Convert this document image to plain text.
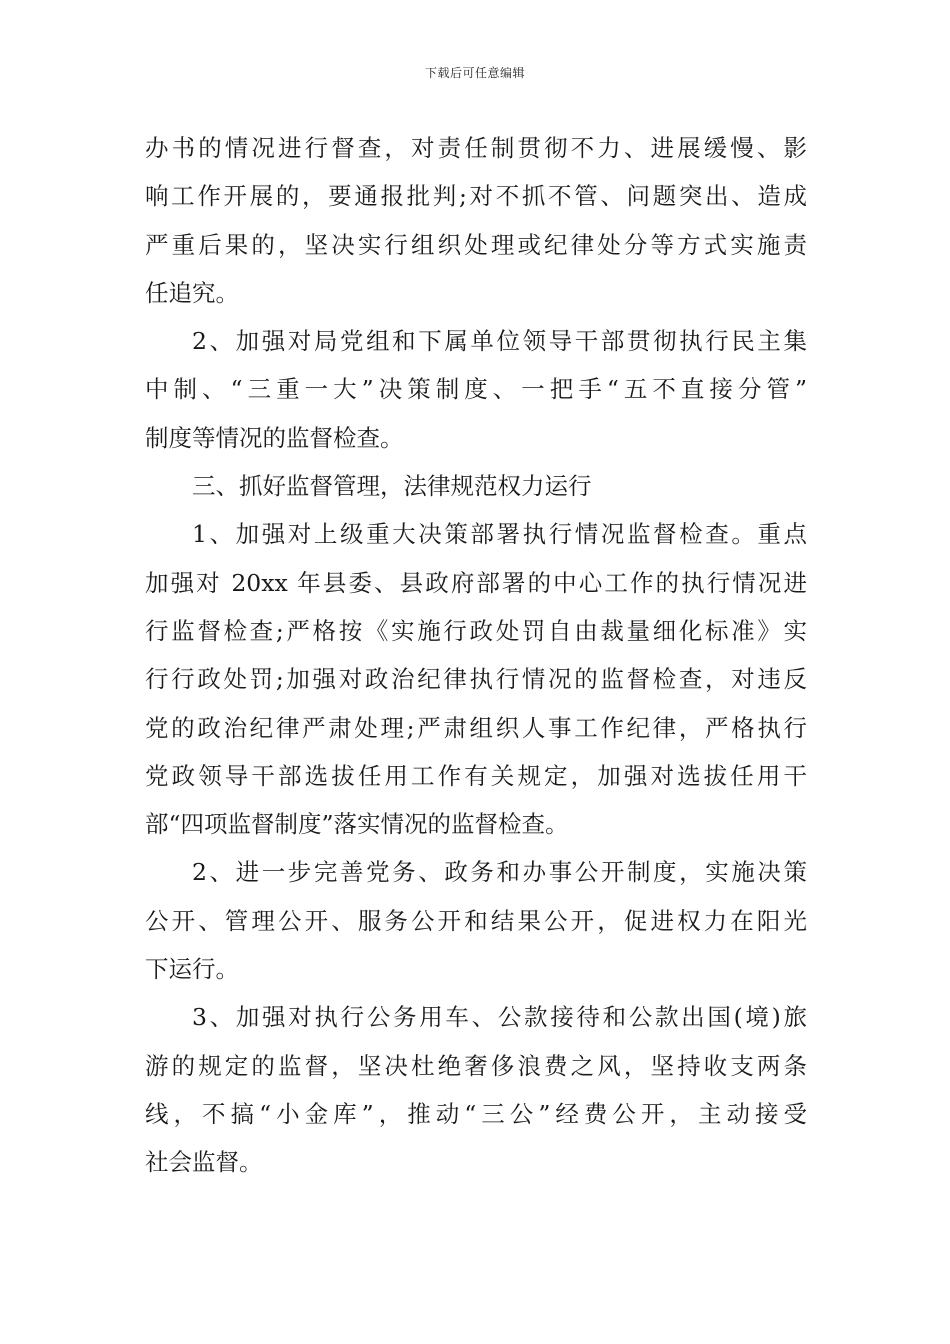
下载后可任意编辑

办书的情况进行督查，对责任制贯彻不力、进展缓慢、影
响工作开展的，要通报批判;对不抓不管、问题突出、造成
严重后果的，坚决实行组织处理或纪律处分等方式实施责
任追究。

2、加强对局党组和下属单位领导干部贯彻执行民主集
中制、“三重一大”决策制度、一把手“五不直接分管”
制度等情况的监督检查。

三、抓好监督管理，法律规范权力运行

1、加强对上级重大决策部署执行情况监督检查。重点
加强对 20xx 年县委、县政府部署的中心工作的执行情况进
行监督检查;严格按《实施行政处罚自由裁量细化标准》实
行行政处罚;加强对政治纪律执行情况的监督检查，对违反
党的政治纪律严肃处理;严肃组织人事工作纪律，严格执行
党政领导干部选拔任用工作有关规定，加强对选拔任用干
部“四项监督制度”落实情况的监督检查。

2、进一步完善党务、政务和办事公开制度，实施决策
公开、管理公开、服务公开和结果公开，促进权力在阳光
下运行。

3、加强对执行公务用车、公款接待和公款出国(境)旅
游的规定的监督，坚决杜绝奢侈浪费之风，坚持收支两条
线，不搞“小金库”，推动“三公”经费公开，主动接受
社会监督。
